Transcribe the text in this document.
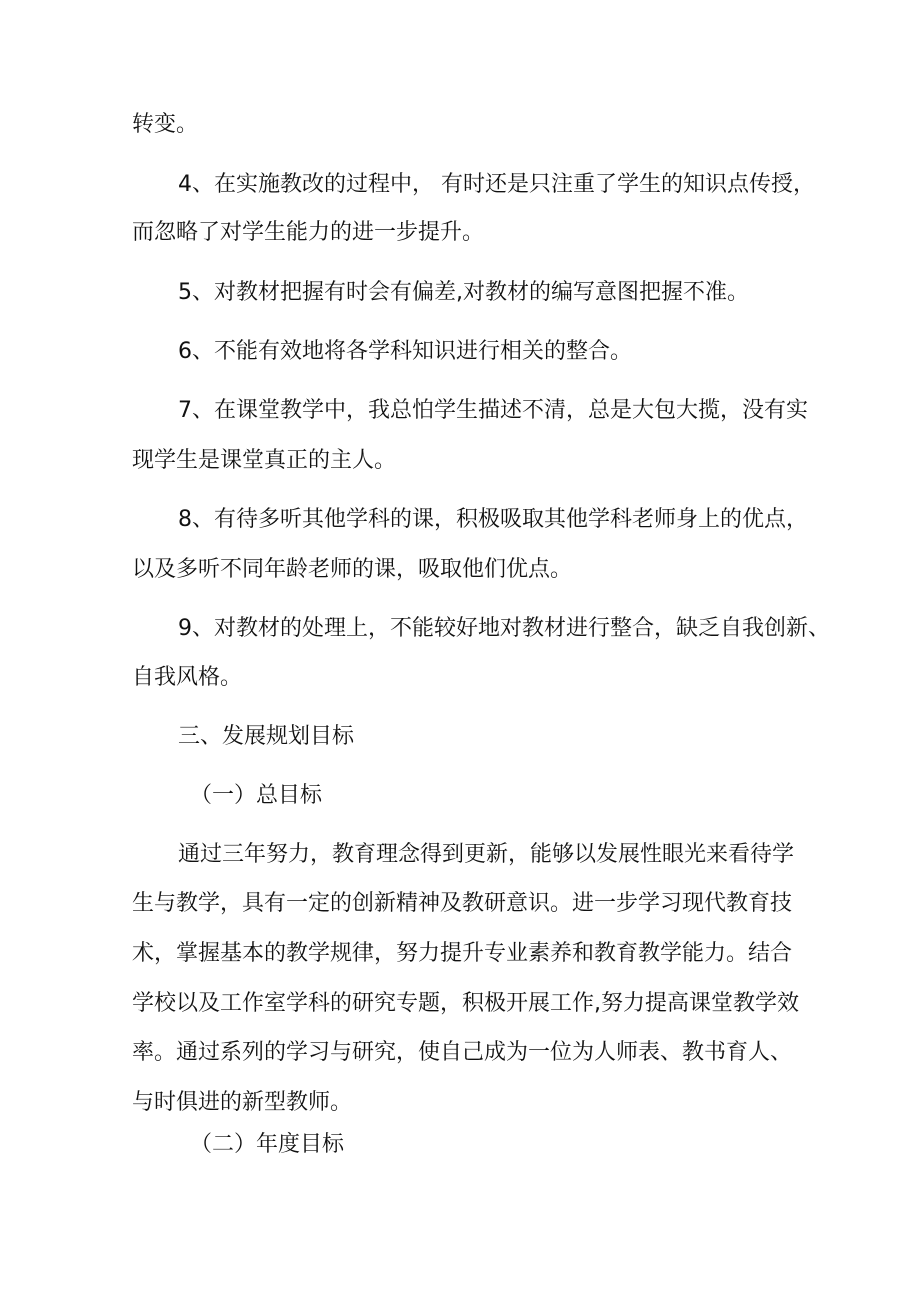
转变。

4、在实施教改的过程中， 有时还是只注重了学生的知识点传授，

而忽略了对学生能力的进一步提升。

5、对教材把握有时会有偏差,对教材的编写意图把握不准。

6、不能有效地将各学科知识进行相关的整合。

7、在课堂教学中，我总怕学生描述不清，总是大包大揽，没有实

现学生是课堂真正的主人。

8、有待多听其他学科的课，积极吸取其他学科老师身上的优点，

以及多听不同年龄老师的课，吸取他们优点。

9、对教材的处理上，不能较好地对教材进行整合，缺乏自我创新、

自我风格。

三、发展规划目标

（一）总目标

通过三年努力，教育理念得到更新，能够以发展性眼光来看待学

生与教学，具有一定的创新精神及教研意识。进一步学习现代教育技

术，掌握基本的教学规律，努力提升专业素养和教育教学能力。结合

学校以及工作室学科的研究专题，积极开展工作,努力提高课堂教学效

率。通过系列的学习与研究，使自己成为一位为人师表、教书育人、

与时俱进的新型教师。

（二）年度目标
